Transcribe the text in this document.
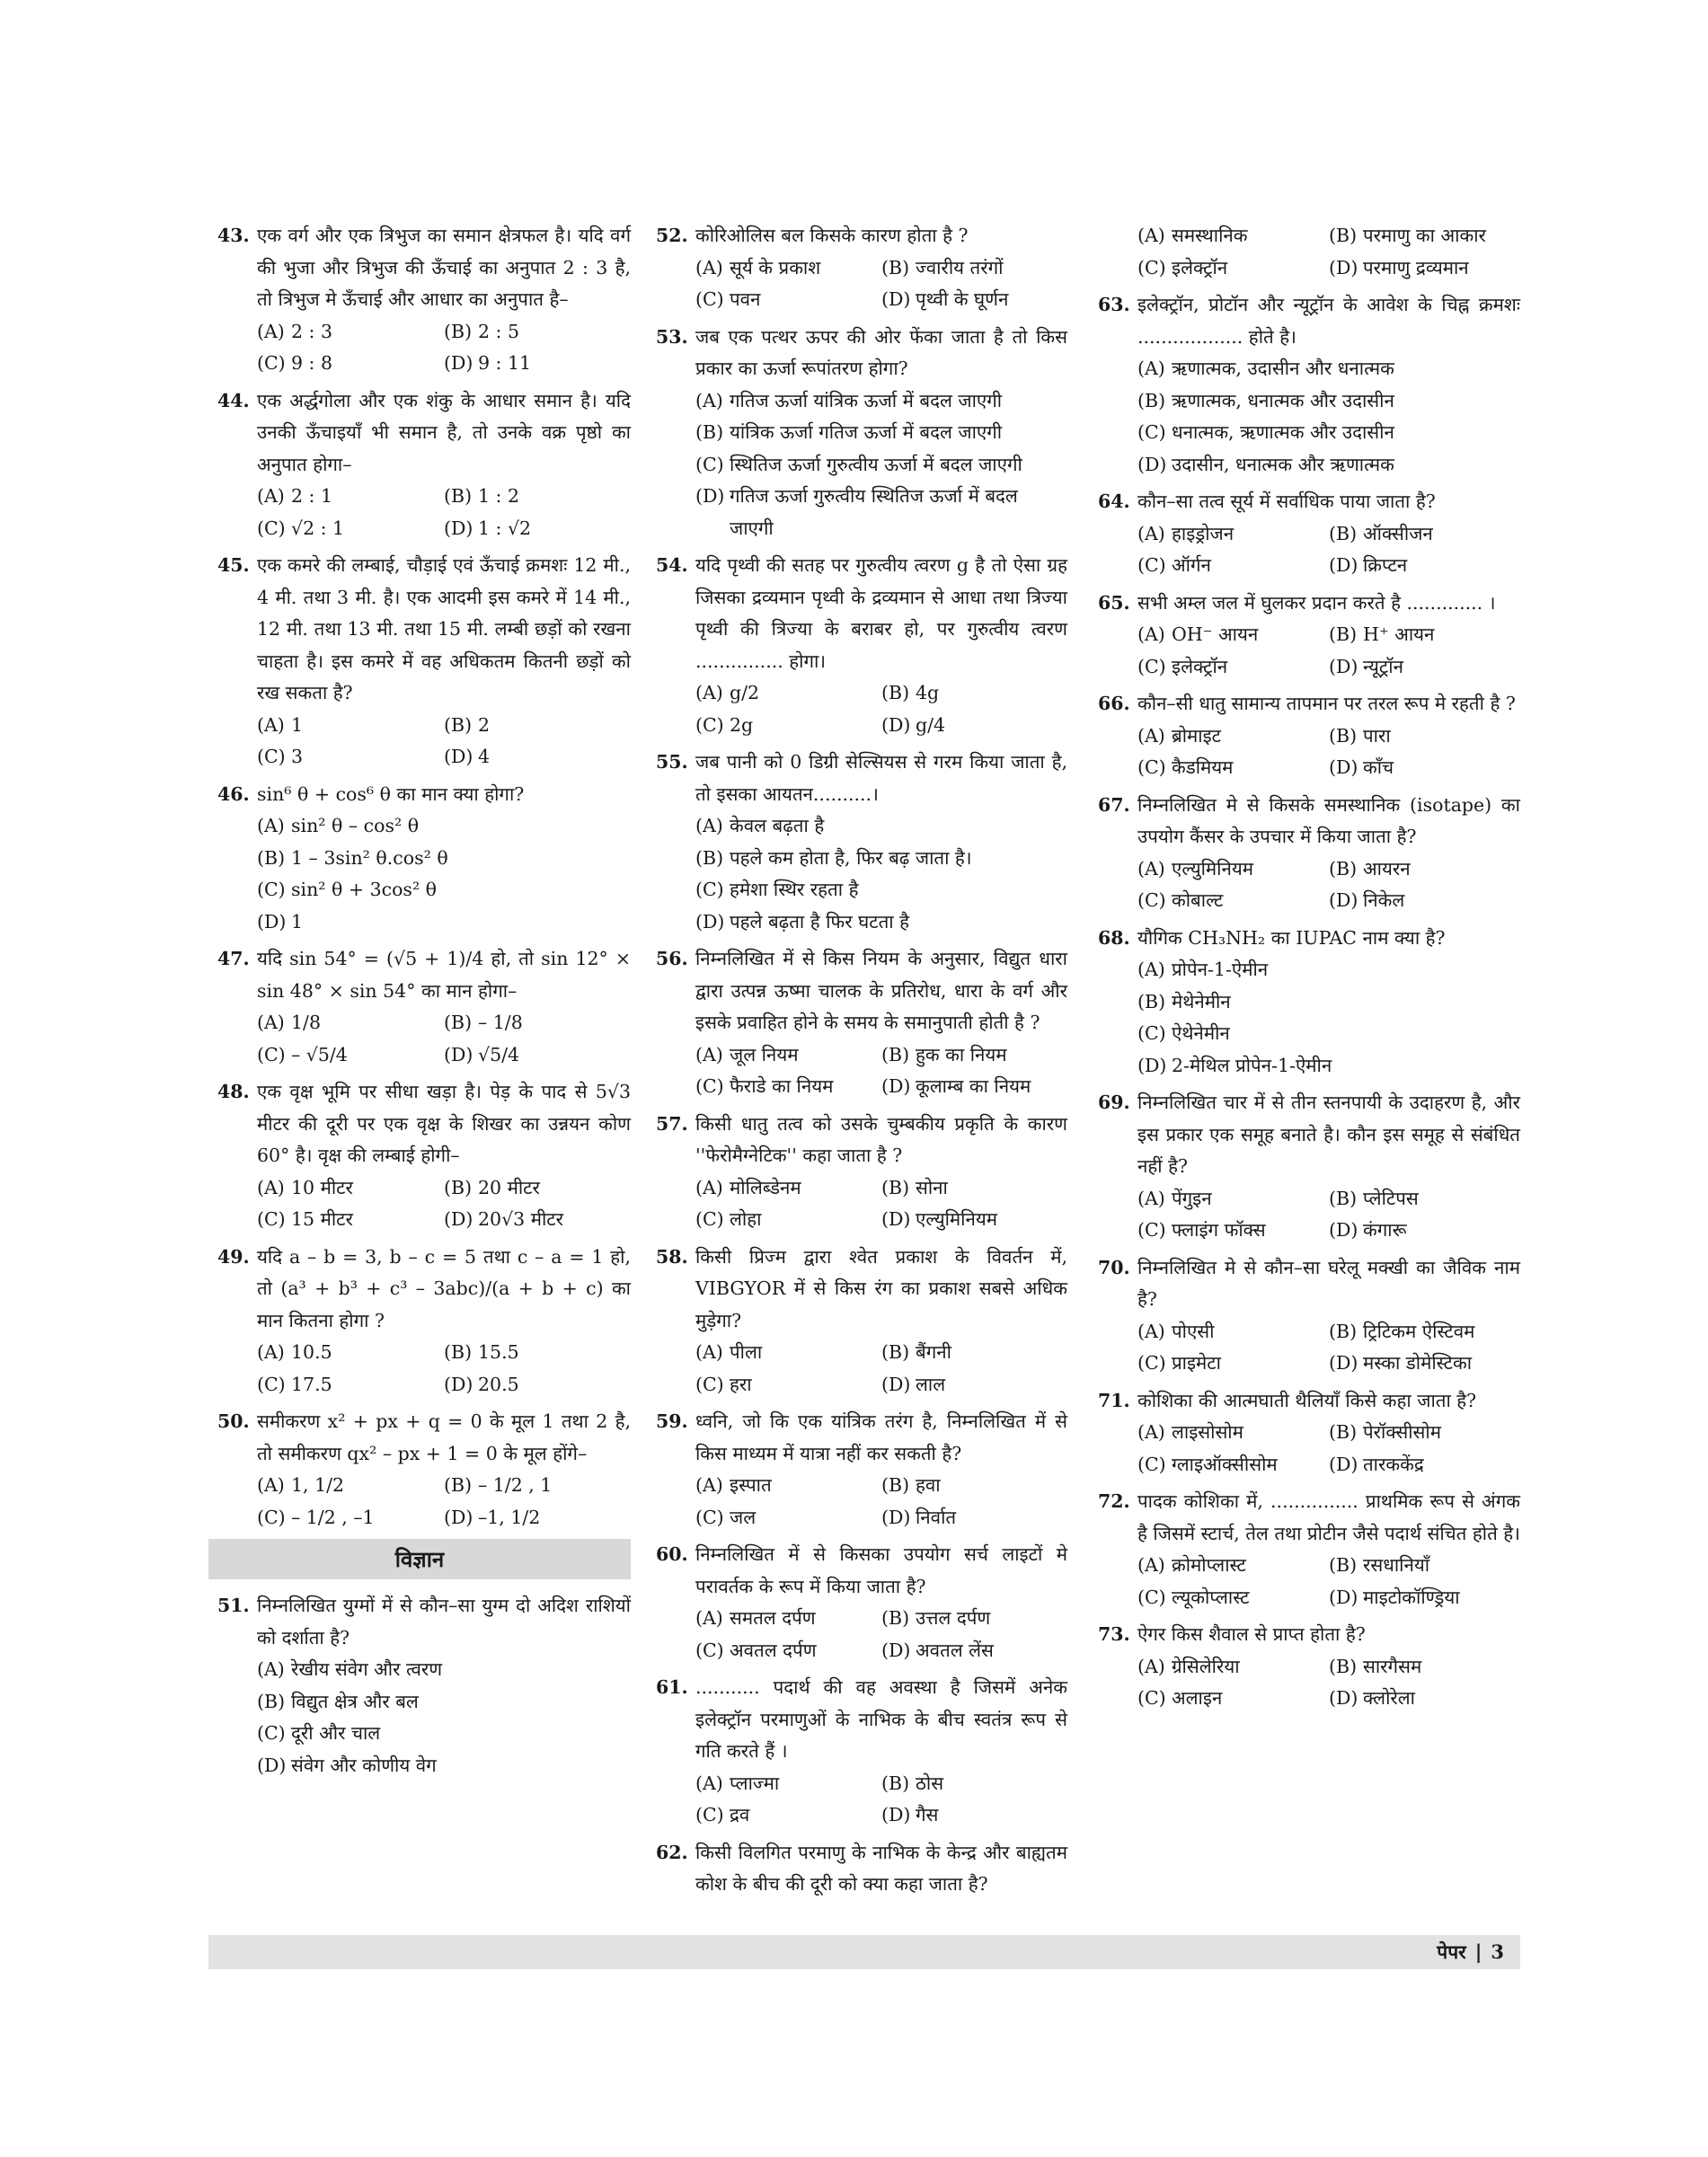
43. एक वर्ग और एक त्रिभुज का समान क्षेत्रफल है। यदि वर्ग की भुजा और त्रिभुज की ऊँचाई का अनुपात 2 : 3 है, तो त्रिभुज मे ऊँचाई और आधार का अनुपात है–
(A) 2 : 3	(B) 2 : 5
(C) 9 : 8	(D) 9 : 11
44. एक अर्द्धगोला और एक शंकु के आधार समान है। यदि उनकी ऊँचाइयाँ भी समान है, तो उनके वक्र पृष्ठो का अनुपात होगा–
(A) 2 : 1	(B) 1 : 2
(C) √2 : 1	(D) 1 : √2
45. एक कमरे की लम्बाई, चौड़ाई एवं ऊँचाई क्रमशः 12 मी., 4 मी. तथा 3 मी. है। एक आदमी इस कमरे में 14 मी., 12 मी. तथा 13 मी. तथा 15 मी. लम्बी छड़ों को रखना चाहता है। इस कमरे में वह अधिकतम कितनी छड़ों को रख सकता है?
(A) 1	(B) 2
(C) 3	(D) 4
46. sin⁶ θ + cos⁶ θ का मान क्या होगा?
(A) sin² θ – cos² θ
(B) 1 – 3sin² θ.cos² θ
(C) sin² θ + 3cos² θ
(D) 1
47. यदि sin 54° = (√5 + 1)/4 हो, तो sin 12° × sin 48° × sin 54° का मान होगा–
(A) 1/8	(B) – 1/8
(C) – √5/4	(D) √5/4
48. एक वृक्ष भूमि पर सीधा खड़ा है। पेड़ के पाद से 5√3 मीटर की दूरी पर एक वृक्ष के शिखर का उन्नयन कोण 60° है। वृक्ष की लम्बाई होगी–
(A) 10 मीटर	(B) 20 मीटर
(C) 15 मीटर	(D) 20√3 मीटर
49. यदि a – b = 3, b – c = 5 तथा c – a = 1 हो, तो (a³ + b³ + c³ – 3abc)/(a + b + c) का मान कितना होगा ?
(A) 10.5	(B) 15.5
(C) 17.5	(D) 20.5
50. समीकरण x² + px + q = 0 के मूल 1 तथा 2 है, तो समीकरण qx² – px + 1 = 0 के मूल होंगे–
(A) 1, 1/2	(B) – 1/2 , 1
(C) – 1/2 , –1	(D) –1, 1/2
विज्ञान
51. निम्नलिखित युग्मों में से कौन–सा युग्म दो अदिश राशियों को दर्शाता है?
(A) रेखीय संवेग और त्वरण
(B) विद्युत क्षेत्र और बल
(C) दूरी और चाल
(D) संवेग और कोणीय वेग
52. कोरिओलिस बल किसके कारण होता है ?
(A) सूर्य के प्रकाश	(B) ज्वारीय तरंगों
(C) पवन	(D) पृथ्वी के घूर्णन
53. जब एक पत्थर ऊपर की ओर फेंका जाता है तो किस प्रकार का ऊर्जा रूपांतरण होगा?
(A) गतिज ऊर्जा यांत्रिक ऊर्जा में बदल जाएगी
(B) यांत्रिक ऊर्जा गतिज ऊर्जा में बदल जाएगी
(C) स्थितिज ऊर्जा गुरुत्वीय ऊर्जा में बदल जाएगी
(D) गतिज ऊर्जा गुरुत्वीय स्थितिज ऊर्जा में बदल जाएगी
54. यदि पृथ्वी की सतह पर गुरुत्वीय त्वरण g है तो ऐसा ग्रह जिसका द्रव्यमान पृथ्वी के द्रव्यमान से आधा तथा त्रिज्या पृथ्वी की त्रिज्या के बराबर हो, पर गुरुत्वीय त्वरण ............... होगा।
(A) g/2	(B) 4g
(C) 2g	(D) g/4
55. जब पानी को 0 डिग्री सेल्सियस से गरम किया जाता है, तो इसका आयतन..........।
(A) केवल बढ़ता है
(B) पहले कम होता है, फिर बढ़ जाता है।
(C) हमेशा स्थिर रहता है
(D) पहले बढ़ता है फिर घटता है
56. निम्नलिखित में से किस नियम के अनुसार, विद्युत धारा द्वारा उत्पन्न ऊष्मा चालक के प्रतिरोध, धारा के वर्ग और इसके प्रवाहित होने के समय के समानुपाती होती है ?
(A) जूल नियम	(B) हुक का नियम
(C) फैराडे का नियम	(D) कूलाम्ब का नियम
57. किसी धातु तत्व को उसके चुम्बकीय प्रकृति के कारण ''फेरोमैग्नेटिक'' कहा जाता है ?
(A) मोलिब्डेनम	(B) सोना
(C) लोहा	(D) एल्युमिनियम
58. किसी प्रिज्म द्वारा श्वेत प्रकाश के विवर्तन में, VIBGYOR में से किस रंग का प्रकाश सबसे अधिक मुड़ेगा?
(A) पीला	(B) बैंगनी
(C) हरा	(D) लाल
59. ध्वनि, जो कि एक यांत्रिक तरंग है, निम्नलिखित में से किस माध्यम में यात्रा नहीं कर सकती है?
(A) इस्पात	(B) हवा
(C) जल	(D) निर्वात
60. निम्नलिखित में से किसका उपयोग सर्च लाइटों मे परावर्तक के रूप में किया जाता है?
(A) समतल दर्पण	(B) उत्तल दर्पण
(C) अवतल दर्पण	(D) अवतल लेंस
61. ........... पदार्थ की वह अवस्था है जिसमें अनेक इलेक्ट्रॉन परमाणुओं के नाभिक के बीच स्वतंत्र रूप से गति करते हैं ।
(A) प्लाज्मा	(B) ठोस
(C) द्रव	(D) गैस
62. किसी विलगित परमाणु के नाभिक के केन्द्र और बाह्यतम कोश के बीच की दूरी को क्या कहा जाता है?
(A) समस्थानिक	(B) परमाणु का आकार
(C) इलेक्ट्रॉन	(D) परमाणु द्रव्यमान
63. इलेक्ट्रॉन, प्रोटॉन और न्यूट्रॉन के आवेश के चिह्न क्रमशः .................. होते है।
(A) ऋणात्मक, उदासीन और धनात्मक
(B) ऋणात्मक, धनात्मक और उदासीन
(C) धनात्मक, ऋणात्मक और उदासीन
(D) उदासीन, धनात्मक और ऋणात्मक
64. कौन–सा तत्व सूर्य में सर्वाधिक पाया जाता है?
(A) हाइड्रोजन	(B) ऑक्सीजन
(C) ऑर्गन	(D) क्रिप्टन
65. सभी अम्ल जल में घुलकर प्रदान करते है ............. ।
(A) OH⁻ आयन	(B) H⁺ आयन
(C) इलेक्ट्रॉन	(D) न्यूट्रॉन
66. कौन–सी धातु सामान्य तापमान पर तरल रूप मे रहती है ?
(A) ब्रोमाइट	(B) पारा
(C) कैडमियम	(D) काँच
67. निम्नलिखित मे से किसके समस्थानिक (isotape) का उपयोग कैंसर के उपचार में किया जाता है?
(A) एल्युमिनियम	(B) आयरन
(C) कोबाल्ट	(D) निकेल
68. यौगिक CH₃NH₂ का IUPAC नाम क्या है?
(A) प्रोपेन-1-ऐमीन
(B) मेथेनेमीन
(C) ऐथेनेमीन
(D) 2-मेथिल प्रोपेन-1-ऐमीन
69. निम्नलिखित चार में से तीन स्तनपायी के उदाहरण है, और इस प्रकार एक समूह बनाते है। कौन इस समूह से संबंधित नहीं है?
(A) पेंगुइन	(B) प्लेटिपस
(C) फ्लाइंग फॉक्स	(D) कंगारू
70. निम्नलिखित मे से कौन–सा घरेलू मक्खी का जैविक नाम है?
(A) पोएसी	(B) ट्रिटिकम ऐस्टिवम
(C) प्राइमेटा	(D) मस्का डोमेस्टिका
71. कोशिका की आत्मघाती थैलियाँ किसे कहा जाता है?
(A) लाइसोसोम	(B) पेरॉक्सीसोम
(C) ग्लाइऑक्सीसोम	(D) तारककेंद्र
72. पादक कोशिका में, ............... प्राथमिक रूप से अंगक है जिसमें स्टार्च, तेल तथा प्रोटीन जैसे पदार्थ संचित होते है।
(A) क्रोमोप्लास्ट	(B) रसधानियाँ
(C) ल्यूकोप्लास्ट	(D) माइटोकॉण्ड्रिया
73. ऐगर किस शैवाल से प्राप्त होता है?
(A) ग्रेसिलेरिया	(B) सारगैसम
(C) अलाइन	(D) क्लोरेला
पेपर | 3
